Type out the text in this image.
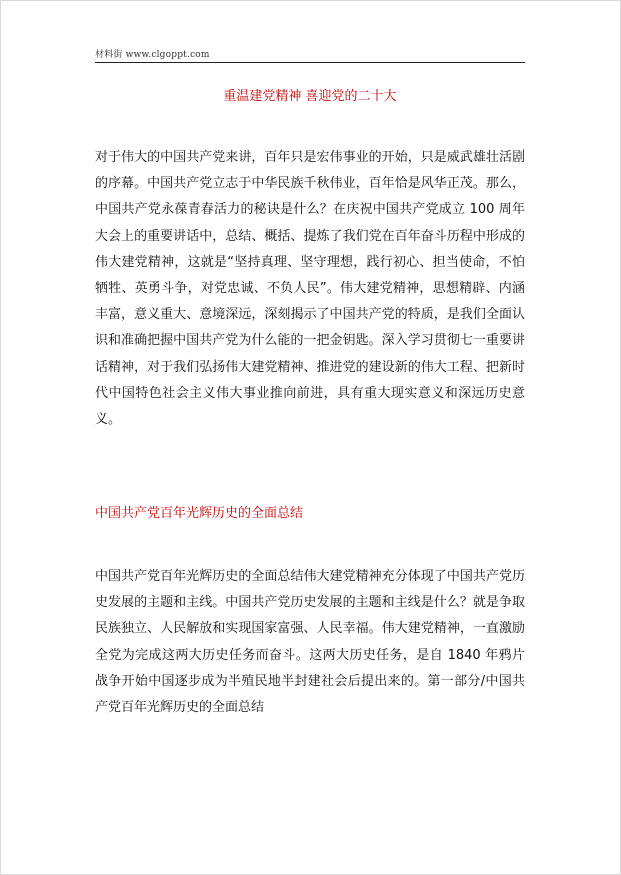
材料街 www.clgoppt.com
重温建党精神 喜迎党的二十大
对于伟大的中国共产党来讲，百年只是宏伟事业的开始，只是威武雄壮活剧的序幕。中国共产党立志于中华民族千秋伟业，百年恰是风华正茂。那么，中国共产党永葆青春活力的秘诀是什么？在庆祝中国共产党成立 100 周年大会上的重要讲话中，总结、概括、提炼了我们党在百年奋斗历程中形成的伟大建党精神，这就是“坚持真理、坚守理想，践行初心、担当使命，不怕牺牲、英勇斗争，对党忠诚、不负人民”。伟大建党精神，思想精辟、内涵丰富，意义重大、意境深远，深刻揭示了中国共产党的特质，是我们全面认识和准确把握中国共产党为什么能的一把金钥匙。深入学习贯彻七一重要讲话精神，对于我们弘扬伟大建党精神、推进党的建设新的伟大工程、把新时代中国特色社会主义伟大事业推向前进，具有重大现实意义和深远历史意义。
中国共产党百年光辉历史的全面总结
中国共产党百年光辉历史的全面总结伟大建党精神充分体现了中国共产党历史发展的主题和主线。中国共产党历史发展的主题和主线是什么？就是争取民族独立、人民解放和实现国家富强、人民幸福。伟大建党精神，一直激励全党为完成这两大历史任务而奋斗。这两大历史任务，是自 1840 年鸦片战争开始中国逐步成为半殖民地半封建社会后提出来的。第一部分/中国共产党百年光辉历史的全面总结
